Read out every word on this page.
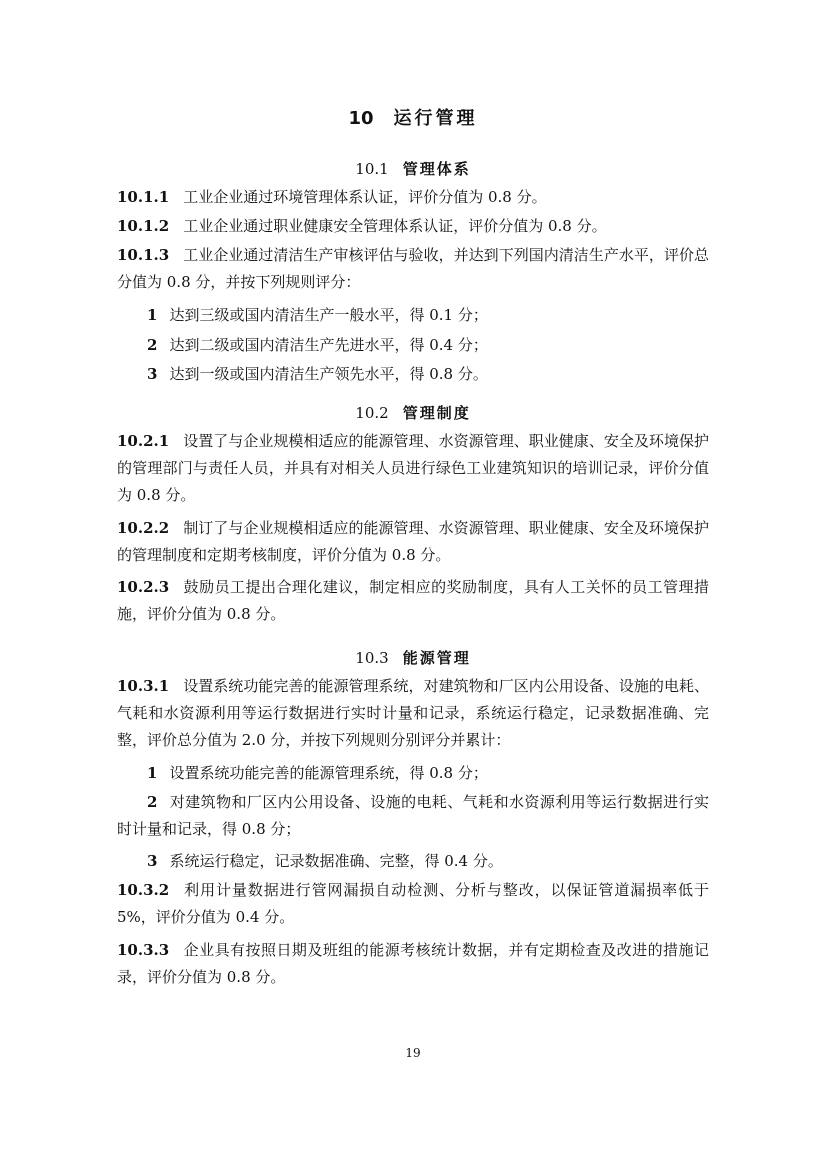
10 运行管理
10.1 管理体系
10.1.1 工业企业通过环境管理体系认证，评价分值为 0.8 分。
10.1.2 工业企业通过职业健康安全管理体系认证，评价分值为 0.8 分。
10.1.3 工业企业通过清洁生产审核评估与验收，并达到下列国内清洁生产水平，评价总分值为 0.8 分，并按下列规则评分：
1 达到三级或国内清洁生产一般水平，得 0.1 分；
2 达到二级或国内清洁生产先进水平，得 0.4 分；
3 达到一级或国内清洁生产领先水平，得 0.8 分。
10.2 管理制度
10.2.1 设置了与企业规模相适应的能源管理、水资源管理、职业健康、安全及环境保护的管理部门与责任人员，并具有对相关人员进行绿色工业建筑知识的培训记录，评价分值为 0.8 分。
10.2.2 制订了与企业规模相适应的能源管理、水资源管理、职业健康、安全及环境保护的管理制度和定期考核制度，评价分值为 0.8 分。
10.2.3 鼓励员工提出合理化建议，制定相应的奖励制度，具有人工关怀的员工管理措施，评价分值为 0.8 分。
10.3 能源管理
10.3.1 设置系统功能完善的能源管理系统，对建筑物和厂区内公用设备、设施的电耗、气耗和水资源利用等运行数据进行实时计量和记录，系统运行稳定，记录数据准确、完整，评价总分值为 2.0 分，并按下列规则分别评分并累计：
1 设置系统功能完善的能源管理系统，得 0.8 分；
2 对建筑物和厂区内公用设备、设施的电耗、气耗和水资源利用等运行数据进行实时计量和记录，得 0.8 分；
3 系统运行稳定，记录数据准确、完整，得 0.4 分。
10.3.2 利用计量数据进行管网漏损自动检测、分析与整改，以保证管道漏损率低于 5%，评价分值为 0.4 分。
10.3.3 企业具有按照日期及班组的能源考核统计数据，并有定期检查及改进的措施记录，评价分值为 0.8 分。
19
